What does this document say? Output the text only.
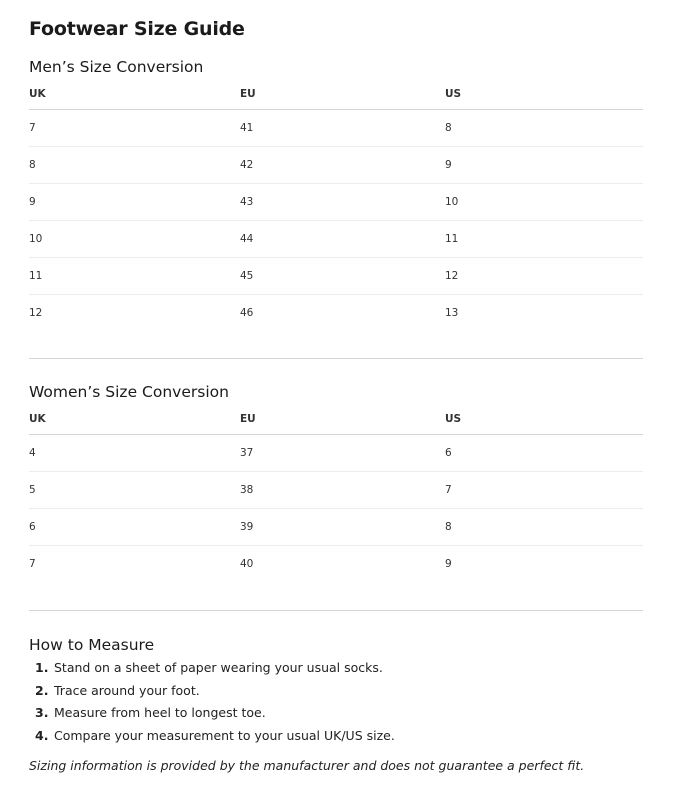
Footwear Size Guide
Men’s Size Conversion
UK	EU	US
7	41	8
8	42	9
9	43	10
10	44	11
11	45	12
12	46	13
Women’s Size Conversion
UK	EU	US
4	37	6
5	38	7
6	39	8
7	40	9
How to Measure
1. Stand on a sheet of paper wearing your usual socks.
2. Trace around your foot.
3. Measure from heel to longest toe.
4. Compare your measurement to your usual UK/US size.

Sizing information is provided by the manufacturer and does not guarantee a perfect fit.
